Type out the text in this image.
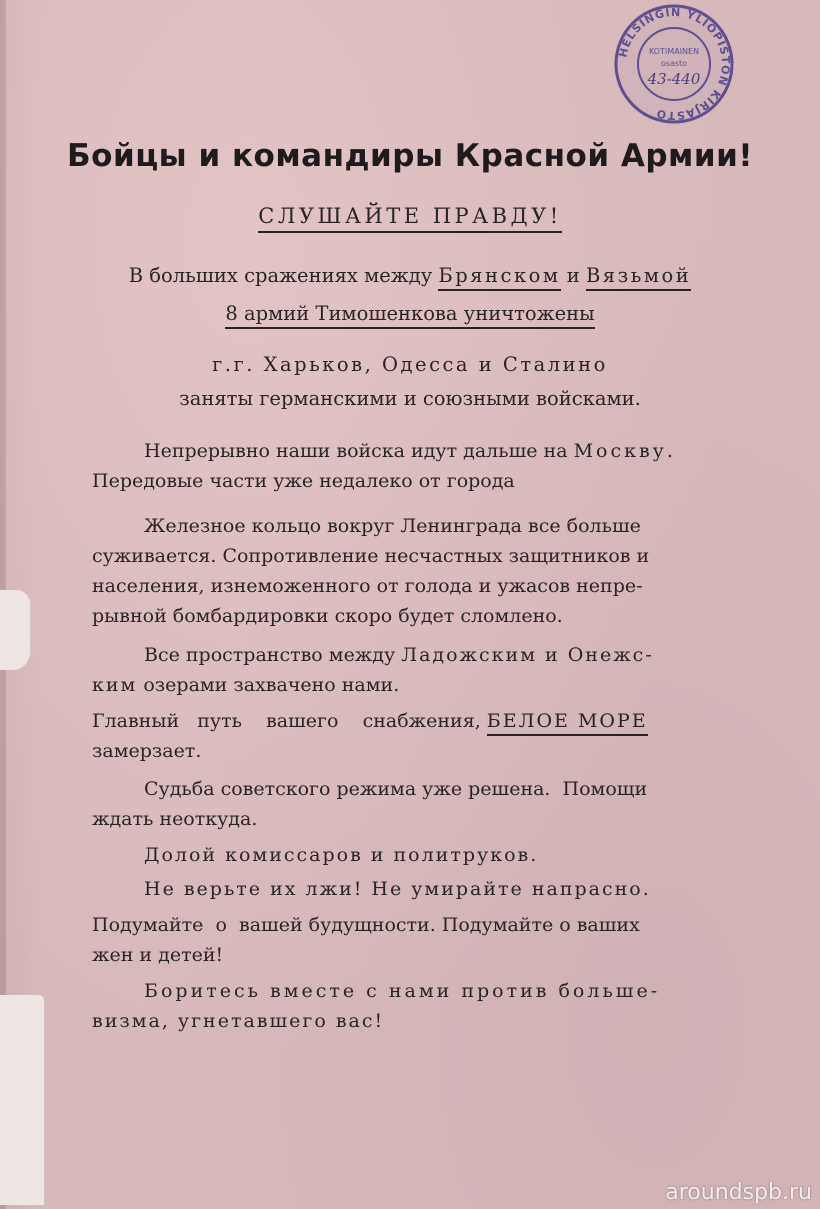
HELSINGIN YLIOPISTON KIRJASTO
KOTIMAINEN
osasto
43-440
Бойцы и командиры Красной Армии!
СЛУШАЙТЕ ПРАВДУ!
В больших сражениях между Брянском и Вязьмой
8 армий Тимошенкова уничтожены
г.г. Харьков, Одесса и Сталино
заняты германскими и союзными войсками.
Непрерывно наши войска идут дальше на Москву.
Передовые части уже недалеко от города
Железное кольцо вокруг Ленинграда все больше
суживается. Сопротивление несчастных защитников и
населения, изнеможенного от голода и ужасов непре-
рывной бомбардировки скоро будет сломлено.
Все пространство между Ладожским и Онежс-
ким озерами захвачено нами.
Главный   путь    вашего    снабжения, БЕЛОЕ МОРЕ
замерзает.
Судьба советского режима уже решена.  Помощи
ждать неоткуда.
Долой комиссаров и политруков.
Не верьте их лжи! Не умирайте напрасно.
Подумайте  о  вашей будущности. Подумайте о ваших
жен и детей!
Боритесь вместе с нами против больше-
визма, угнетавшего вас!
aroundspb.ru
